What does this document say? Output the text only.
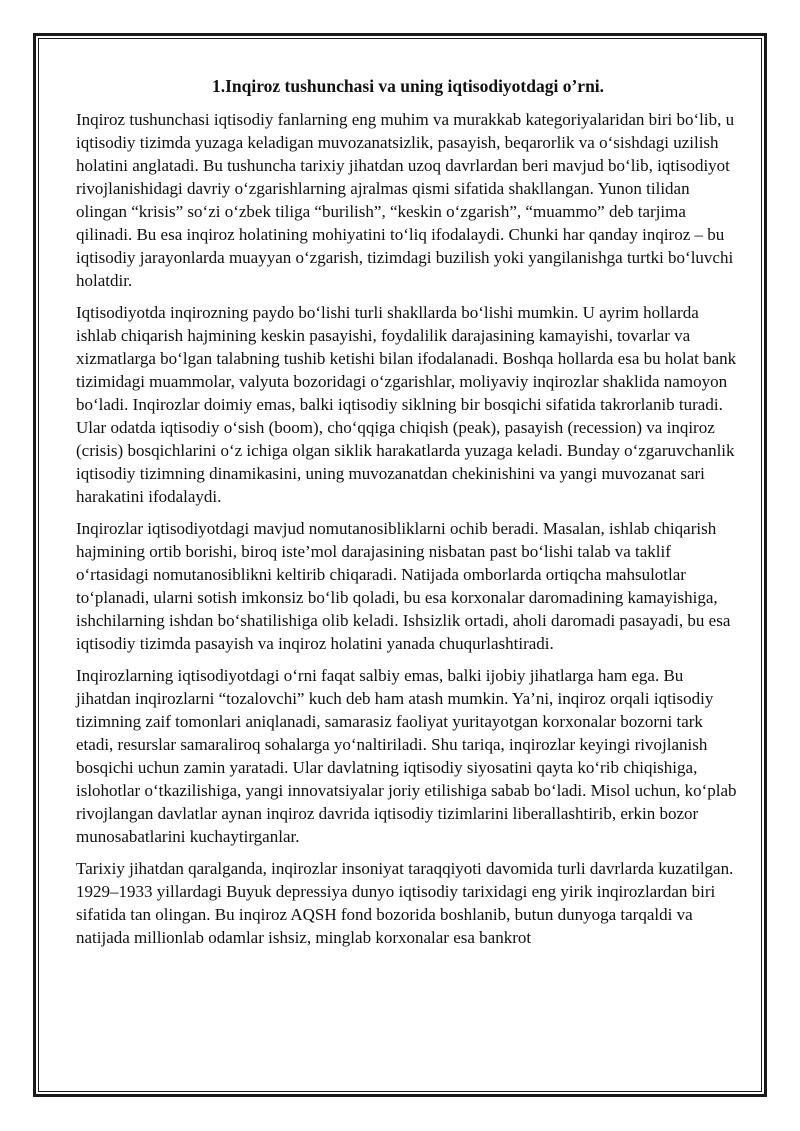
1.Inqiroz tushunchasi va uning iqtisodiyotdagi o’rni.

Inqiroz tushunchasi iqtisodiy fanlarning eng muhim va murakkab kategoriyalaridan biri bo‘lib, u iqtisodiy tizimda yuzaga keladigan muvozanatsizlik, pasayish, beqarorlik va o‘sishdagi uzilish holatini anglatadi. Bu tushuncha tarixiy jihatdan uzoq davrlardan beri mavjud bo‘lib, iqtisodiyot rivojlanishidagi davriy o‘zgarishlarning ajralmas qismi sifatida shakllangan. Yunon tilidan olingan “krisis” so‘zi o‘zbek tiliga “burilish”, “keskin o‘zgarish”, “muammo” deb tarjima qilinadi. Bu esa inqiroz holatining mohiyatini to‘liq ifodalaydi. Chunki har qanday inqiroz – bu iqtisodiy jarayonlarda muayyan o‘zgarish, tizimdagi buzilish yoki yangilanishga turtki bo‘luvchi holatdir.

Iqtisodiyotda inqirozning paydo bo‘lishi turli shakllarda bo‘lishi mumkin. U ayrim hollarda ishlab chiqarish hajmining keskin pasayishi, foydalilik darajasining kamayishi, tovarlar va xizmatlarga bo‘lgan talabning tushib ketishi bilan ifodalanadi. Boshqa hollarda esa bu holat bank tizimidagi muammolar, valyuta bozoridagi o‘zgarishlar, moliyaviy inqirozlar shaklida namoyon bo‘ladi. Inqirozlar doimiy emas, balki iqtisodiy siklning bir bosqichi sifatida takrorlanib turadi. Ular odatda iqtisodiy o‘sish (boom), cho‘qqiga chiqish (peak), pasayish (recession) va inqiroz (crisis) bosqichlarini o‘z ichiga olgan siklik harakatlarda yuzaga keladi. Bunday o‘zgaruvchanlik iqtisodiy tizimning dinamikasini, uning muvozanatdan chekinishini va yangi muvozanat sari harakatini ifodalaydi.

Inqirozlar iqtisodiyotdagi mavjud nomutanosibliklarni ochib beradi. Masalan, ishlab chiqarish hajmining ortib borishi, biroq iste’mol darajasining nisbatan past bo‘lishi talab va taklif o‘rtasidagi nomutanosiblikni keltirib chiqaradi. Natijada omborlarda ortiqcha mahsulotlar to‘planadi, ularni sotish imkonsiz bo‘lib qoladi, bu esa korxonalar daromadining kamayishiga, ishchilarning ishdan bo‘shatilishiga olib keladi. Ishsizlik ortadi, aholi daromadi pasayadi, bu esa iqtisodiy tizimda pasayish va inqiroz holatini yanada chuqurlashtiradi.

Inqirozlarning iqtisodiyotdagi o‘rni faqat salbiy emas, balki ijobiy jihatlarga ham ega. Bu jihatdan inqirozlarni “tozalovchi” kuch deb ham atash mumkin. Ya’ni, inqiroz orqali iqtisodiy tizimning zaif tomonlari aniqlanadi, samarasiz faoliyat yuritayotgan korxonalar bozorni tark etadi, resurslar samaraliroq sohalarga yo‘naltiriladi. Shu tariqa, inqirozlar keyingi rivojlanish bosqichi uchun zamin yaratadi. Ular davlatning iqtisodiy siyosatini qayta ko‘rib chiqishiga, islohotlar o‘tkazilishiga, yangi innovatsiyalar joriy etilishiga sabab bo‘ladi. Misol uchun, ko‘plab rivojlangan davlatlar aynan inqiroz davrida iqtisodiy tizimlarini liberallashtirib, erkin bozor munosabatlarini kuchaytirganlar.

Tarixiy jihatdan qaralganda, inqirozlar insoniyat taraqqiyoti davomida turli davrlarda kuzatilgan. 1929–1933 yillardagi Buyuk depressiya dunyo iqtisodiy tarixidagi eng yirik inqirozlardan biri sifatida tan olingan. Bu inqiroz AQSH fond bozorida boshlanib, butun dunyoga tarqaldi va natijada millionlab odamlar ishsiz, minglab korxonalar esa bankrot
